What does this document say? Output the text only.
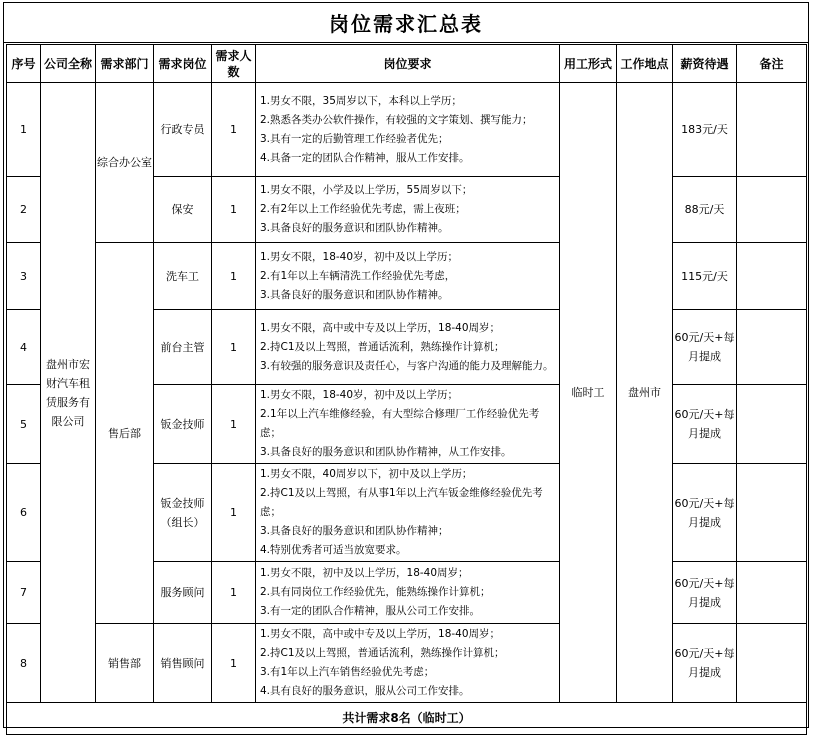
岗位需求汇总表
序号	公司全称	需求部门	需求岗位	需求人数	岗位要求	用工形式	工作地点	薪资待遇	备注
1	盘州市宏财汽车租赁服务有限公司	综合办公室	行政专员	1	1.男女不限，35周岁以下，本科以上学历；
2.熟悉各类办公软件操作，有较强的文字策划、撰写能力；
3.具有一定的后勤管理工作经验者优先；
4.具备一定的团队合作精神，服从工作安排。	临时工	盘州市	183元/天	
2			保安	1	1.男女不限，小学及以上学历，55周岁以下；
2.有2年以上工作经验优先考虑，需上夜班；
3.具备良好的服务意识和团队协作精神。			88元/天	
3		售后部	洗车工	1	1.男女不限，18-40岁，初中及以上学历；
2.有1年以上车辆清洗工作经验优先考虑，
3.具备良好的服务意识和团队协作精神。			115元/天	
4			前台主管	1	1.男女不限，高中或中专及以上学历，18-40周岁；
2.持C1及以上驾照，普通话流利，熟练操作计算机；
3.有较强的服务意识及责任心，与客户沟通的能力及理解能力。			60元/天+每月提成	
5			钣金技师	1	1.男女不限，18-40岁，初中及以上学历；
2.1年以上汽车维修经验，有大型综合修理厂工作经验优先考虑；
3.具备良好的服务意识和团队协作精神，从工作安排。			60元/天+每月提成	
6			钣金技师（组长）	1	1.男女不限，40周岁以下，初中及以上学历；
2.持C1及以上驾照，有从事1年以上汽车钣金维修经验优先考虑；
3.具备良好的服务意识和团队协作精神；
4.特别优秀者可适当放宽要求。			60元/天+每月提成	
7			服务顾问	1	1.男女不限，初中及以上学历，18-40周岁；
2.具有同岗位工作经验优先，能熟练操作计算机；
3.有一定的团队合作精神，服从公司工作安排。			60元/天+每月提成	
8		销售部	销售顾问	1	1.男女不限，高中或中专及以上学历，18-40周岁；
2.持C1及以上驾照，普通话流利，熟练操作计算机；
3.有1年以上汽车销售经验优先考虑；
4.具有良好的服务意识，服从公司工作安排。			60元/天+每月提成	
共计需求8名（临时工）									
